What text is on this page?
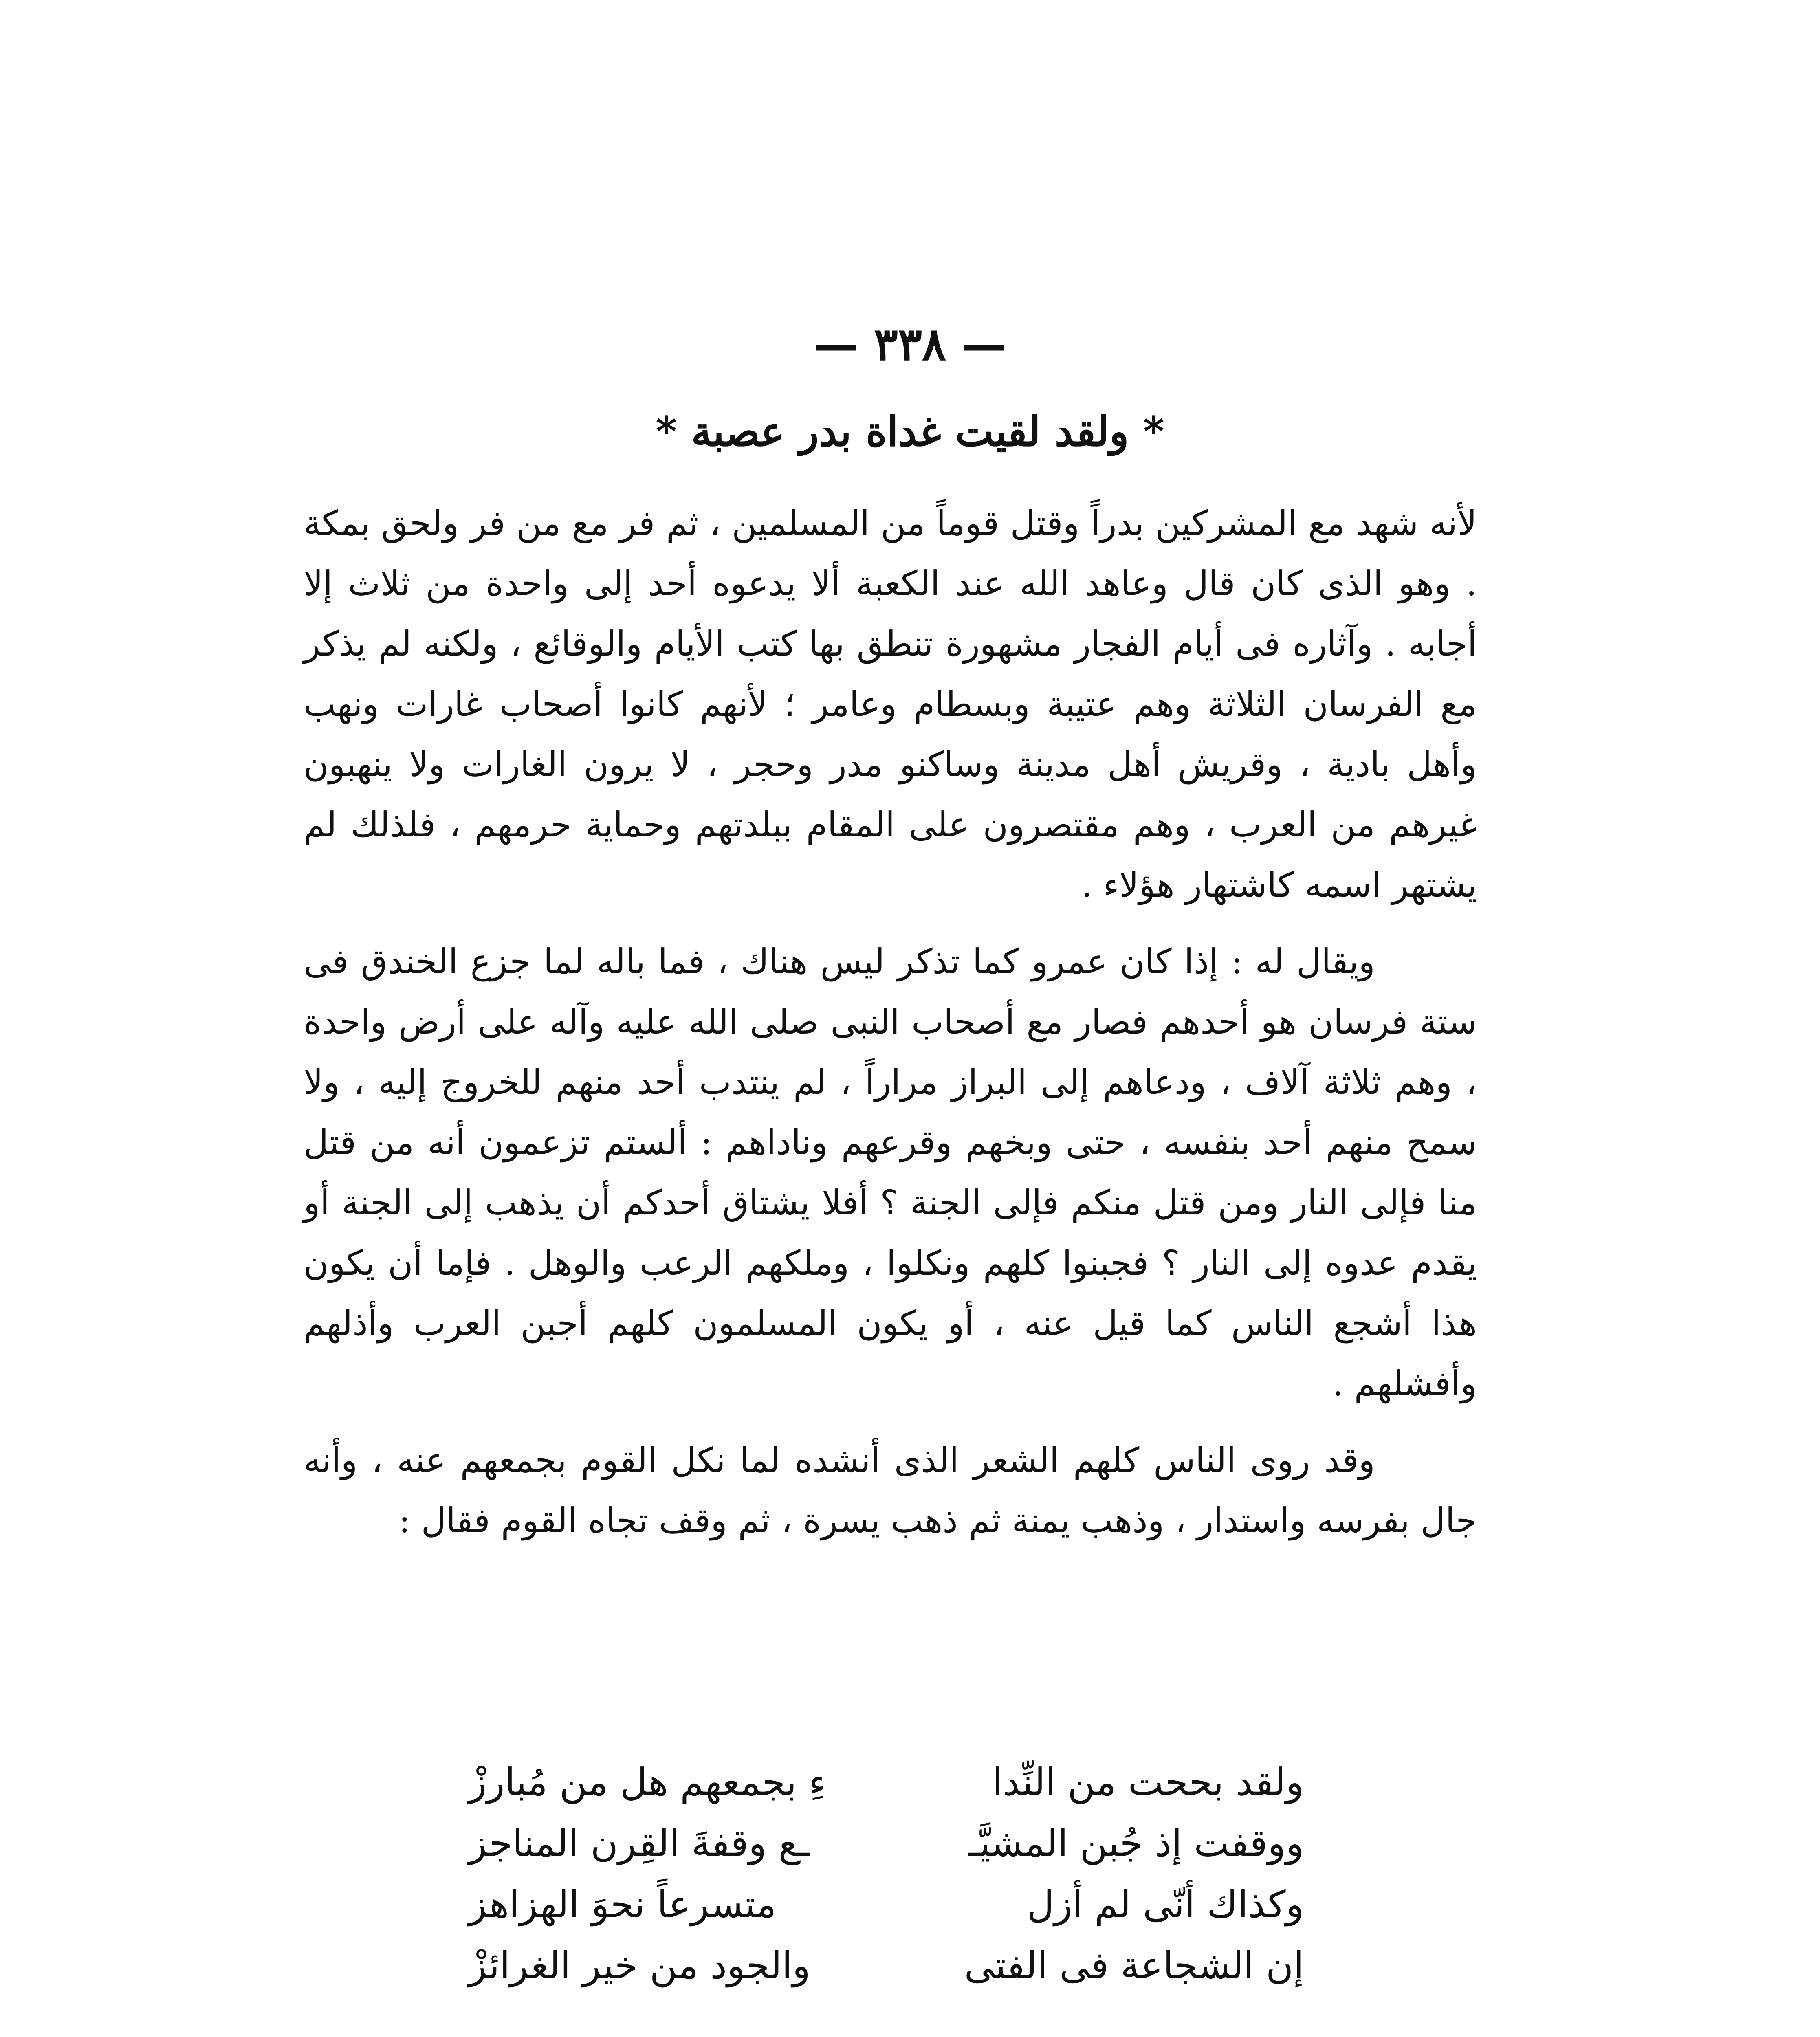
— ٣٣٨ —
* ولقد لقيت غداة بدر عصبة *

لأنه شهد مع المشركين بدراً وقتل قوماً من المسلمين ، ثم فر مع من فر ولحق بمكة . وهو الذى كان قال وعاهد الله عند الكعبة ألا يدعوه أحد إلى واحدة من ثلاث إلا أجابه . وآثاره فى أيام الفجار مشهورة تنطق بها كتب الأيام والوقائع ، ولكنه لم يذكر مع الفرسان الثلاثة وهم عتيبة وبسطام وعامر ؛ لأنهم كانوا أصحاب غارات ونهب وأهل بادية ، وقريش أهل مدينة وساكنو مدر وحجر ، لا يرون الغارات ولا ينهبون غيرهم من العرب ، وهم مقتصرون على المقام ببلدتهم وحماية حرمهم ، فلذلك لم يشتهر اسمه كاشتهار هؤلاء .

ويقال له : إذا كان عمرو كما تذكر ليس هناك ، فما باله لما جزع الخندق فى ستة فرسان هو أحدهم فصار مع أصحاب النبى صلى الله عليه وآله على أرض واحدة ، وهم ثلاثة آلاف ، ودعاهم إلى البراز مراراً ، لم ينتدب أحد منهم للخروج إليه ، ولا سمح منهم أحد بنفسه ، حتى وبخهم وقرعهم وناداهم : ألستم تزعمون أنه من قتل منا فإلى النار ومن قتل منكم فإلى الجنة ؟ أفلا يشتاق أحدكم أن يذهب إلى الجنة أو يقدم عدوه إلى النار ؟ فجبنوا كلهم ونكلوا ، وملكهم الرعب والوهل . فإما أن يكون هذا أشجع الناس كما قيل عنه ، أو يكون المسلمون كلهم أجبن العرب وأذلهم وأفشلهم .

وقد روى الناس كلهم الشعر الذى أنشده لما نكل القوم بجمعهم عنه ، وأنه جال بفرسه واستدار ، وذهب يمنة ثم ذهب يسرة ، ثم وقف تجاه القوم فقال :

ولقد بححت من النِّدا
ءِ بجمعهم هل من مُبارزْ
ووقفت إذ جُبن المشيَّـ
ـع وقفةَ القِرن المناجز
وكذاك أنّى لم أزل
متسرعاً نحوَ الهزاهز
إن الشجاعة فى الفتى
والجود من خير الغرائزْ
